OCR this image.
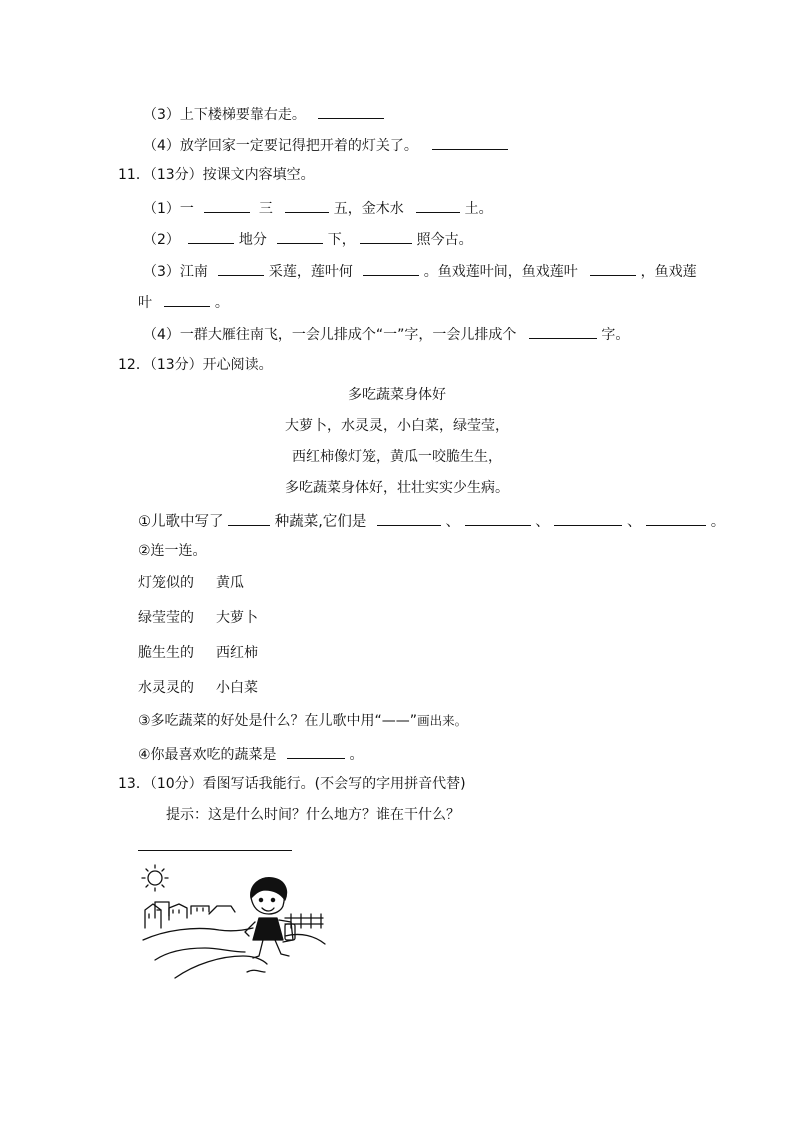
（3）上下楼梯要靠右走。
（4）放学回家一定要记得把开着的灯关了。
11．（13分）按课文内容填空。
（1）一	三	五，金木水	土。
（2）	地分	下，	照今古。
（3）江南	采莲，莲叶何	。鱼戏莲叶间，鱼戏莲叶	，鱼戏莲
叶	。
（4）一群大雁往南飞，一会儿排成个“一”字，一会儿排成个	字。
12．（13分）开心阅读。
多吃蔬菜身体好
大萝卜，水灵灵，小白菜，绿莹莹，
西红柿像灯笼，黄瓜一咬脆生生，
多吃蔬菜身体好，壮壮实实少生病。
①儿歌中写了	种蔬菜,它们是	、	、	、	。
②连一连。
灯笼似的 黄瓜
绿莹莹的 大萝卜
脆生生的 西红柿
水灵灵的 小白菜
③多吃蔬菜的好处是什么？在儿歌中用“——”画出来。
④你最喜欢吃的蔬菜是	。
13．（10分）看图写话我能行。(不会写的字用拼音代替)
提示：这是什么时间？什么地方？谁在干什么？
